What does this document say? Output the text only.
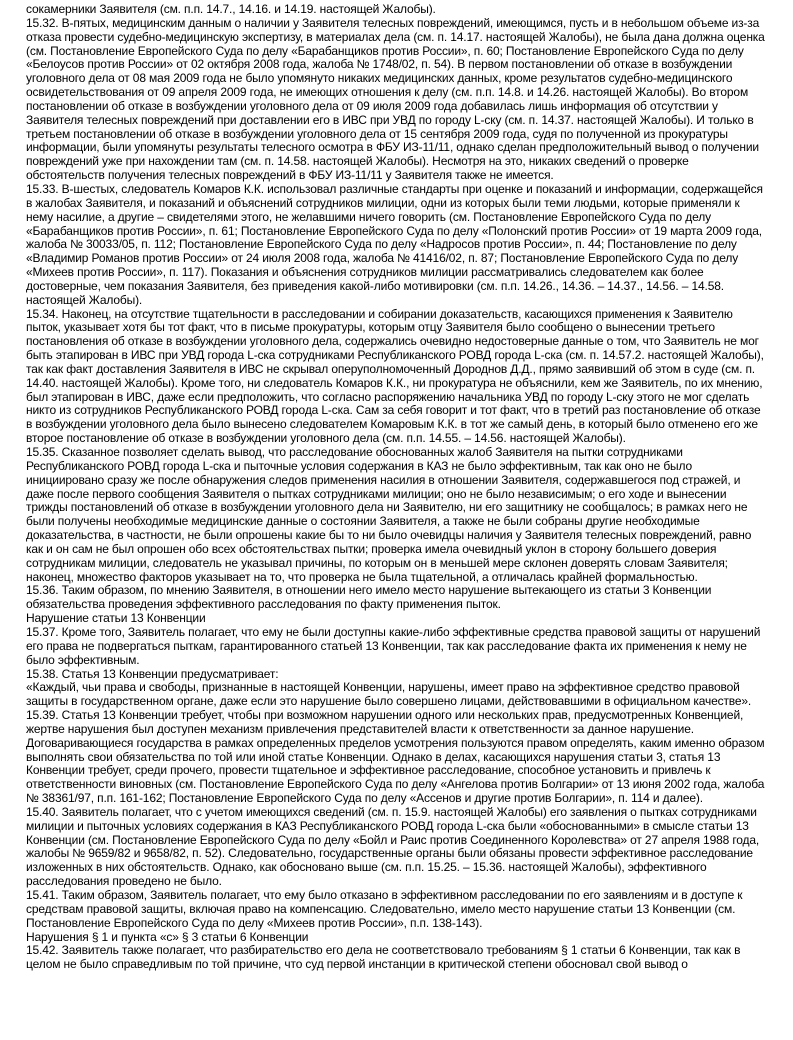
сокамерники Заявителя (см. п.п. 14.7., 14.16. и 14.19. настоящей Жалобы).

15.32. В-пятых, медицинским данным о наличии у Заявителя телесных повреждений, имеющимся, пусть и в небольшом объеме из-за отказа провести судебно-медицинскую экспертизу, в материалах дела (см. п. 14.17. настоящей Жалобы), не была дана должна оценка (см. Постановление Европейского Суда по делу «Барабанщиков против России», п. 60; Постановление Европейского Суда по делу «Белоусов против России» от 02 октября 2008 года, жалоба № 1748/02, п. 54). В первом постановлении об отказе в возбуждении уголовного дела от 08 мая 2009 года не было упомянуто никаких медицинских данных, кроме результатов судебно-медицинского освидетельствования от 09 апреля 2009 года, не имеющих отношения к делу (см. п.п. 14.8. и 14.26. настоящей Жалобы). Во втором постановлении об отказе в возбуждении уголовного дела от 09 июля 2009 года добавилась лишь информация об отсутствии у Заявителя телесных повреждений при доставлении его в ИВС при УВД по городу L-ску (см. п. 14.37. настоящей Жалобы). И только в третьем постановлении об отказе в возбуждении уголовного дела от 15 сентября 2009 года, судя по полученной из прокуратуры информации, были упомянуты результаты телесного осмотра в ФБУ ИЗ-11/11, однако сделан предположительный вывод о получении повреждений уже при нахождении там (см. п. 14.58. настоящей Жалобы). Несмотря на это, никаких сведений о проверке обстоятельств получения телесных повреждений в ФБУ ИЗ-11/11 у Заявителя также не имеется.

15.33. В-шестых, следователь Комаров К.К. использовал различные стандарты при оценке и показаний и информации, содержащейся в жалобах Заявителя, и показаний и объяснений сотрудников милиции, одни из которых были теми людьми, которые применяли к нему насилие, а другие – свидетелями этого, не желавшими ничего говорить (см. Постановление Европейского Суда по делу «Барабанщиков против России», п. 61; Постановление Европейского Суда по делу «Полонский против России» от 19 марта 2009 года, жалоба № 30033/05, п. 112; Постановление Европейского Суда по делу «Надросов против России», п. 44; Постановление по делу «Владимир Романов против России» от 24 июля 2008 года, жалоба № 41416/02, п. 87; Постановление Европейского Суда по делу «Михеев против России», п. 117). Показания и объяснения сотрудников милиции рассматривались следователем как более достоверные, чем показания Заявителя, без приведения какой-либо мотивировки (см. п.п. 14.26., 14.36. – 14.37., 14.56. – 14.58. настоящей Жалобы).

15.34. Наконец, на отсутствие тщательности в расследовании и собирании доказательств, касающихся применения к Заявителю пыток, указывает хотя бы тот факт, что в письме прокуратуры, которым отцу Заявителя было сообщено о вынесении третьего постановления об отказе в возбуждении уголовного дела, содержались очевидно недостоверные данные о том, что Заявитель не мог быть этапирован в ИВС при УВД города L-ска сотрудниками Республиканского РОВД города L-ска (см. п. 14.57.2. настоящей Жалобы), так как факт доставления Заявителя в ИВС не скрывал оперуполномоченный Дороднов Д.Д., прямо заявивший об этом в суде (см. п. 14.40. настоящей Жалобы). Кроме того, ни следователь Комаров К.К., ни прокуратура не объяснили, кем же Заявитель, по их мнению, был этапирован в ИВС, даже если предположить, что согласно распоряжению начальника УВД по городу L-ску этого не мог сделать никто из сотрудников Республиканского РОВД города L-ска. Сам за себя говорит и тот факт, что в третий раз постановление об отказе в возбуждении уголовного дела было вынесено следователем Комаровым К.К. в тот же самый день, в который было отменено его же второе постановление об отказе в возбуждении уголовного дела (см. п.п. 14.55. – 14.56. настоящей Жалобы).

15.35. Сказанное позволяет сделать вывод, что расследование обоснованных жалоб Заявителя на пытки сотрудниками Республиканского РОВД города L-ска и пыточные условия содержания в КАЗ не было эффективным, так как оно не было инициировано сразу же после обнаружения следов применения насилия в отношении Заявителя, содержавшегося под стражей, и даже после первого сообщения Заявителя о пытках сотрудниками милиции; оно не было независимым; о его ходе и вынесении трижды постановлений об отказе в возбуждении уголовного дела ни Заявителю, ни его защитнику не сообщалось; в рамках него не были получены необходимые медицинские данные о состоянии Заявителя, а также не были собраны другие необходимые доказательства, в частности, не были опрошены какие бы то ни было очевидцы наличия у Заявителя телесных повреждений, равно как и он сам не был опрошен обо всех обстоятельствах пытки; проверка имела очевидный уклон в сторону большего доверия сотрудникам милиции, следователь не указывал причины, по которым он в меньшей мере склонен доверять словам Заявителя; наконец, множество факторов указывает на то, что проверка не была тщательной, а отличалась крайней формальностью.

15.36. Таким образом, по мнению Заявителя, в отношении него имело место нарушение вытекающего из статьи 3 Конвенции обязательства проведения эффективного расследования по факту применения пыток.

Нарушение статьи 13 Конвенции

15.37. Кроме того, Заявитель полагает, что ему не были доступны какие-либо эффективные средства правовой защиты от нарушений его права не подвергаться пыткам, гарантированного статьей 13 Конвенции, так как расследование факта их применения к нему не было эффективным.

15.38. Статья 13 Конвенции предусматривает:

«Каждый, чьи права и свободы, признанные в настоящей Конвенции, нарушены, имеет право на эффективное средство правовой защиты в государственном органе, даже если это нарушение было совершено лицами, действовавшими в официальном качестве».

15.39. Статья 13 Конвенции требует, чтобы при возможном нарушении одного или нескольких прав, предусмотренных Конвенцией, жертве нарушения был доступен механизм привлечения представителей власти к ответственности за данное нарушение. Договаривающиеся государства в рамках определенных пределов усмотрения пользуются правом определять, каким именно образом выполнять свои обязательства по той или иной статье Конвенции. Однако в делах, касающихся нарушения статьи 3, статья 13 Конвенции требует, среди прочего, провести тщательное и эффективное расследование, способное установить и привлечь к ответственности виновных (см. Постановление Европейского Суда по делу «Ангелова против Болгарии» от 13 июня 2002 года, жалоба № 38361/97, п.п. 161-162; Постановление Европейского Суда по делу «Ассенов и другие против Болгарии», п. 114 и далее).

15.40. Заявитель полагает, что с учетом имеющихся сведений (см. п. 15.9. настоящей Жалобы) его заявления о пытках сотрудниками милиции и пыточных условиях содержания в КАЗ Республиканского РОВД города L-ска были «обоснованными» в смысле статьи 13 Конвенции (см. Постановление Европейского Суда по делу «Бойл и Раис против Соединенного Королевства» от 27 апреля 1988 года, жалобы № 9659/82 и 9658/82, п. 52). Следовательно, государственные органы были обязаны провести эффективное расследование изложенных в них обстоятельств. Однако, как обосновано выше (см. п.п. 15.25. – 15.36. настоящей Жалобы), эффективного расследования проведено не было.

15.41. Таким образом, Заявитель полагает, что ему было отказано в эффективном расследовании по его заявлениям и в доступе к средствам правовой защиты, включая право на компенсацию. Следовательно, имело место нарушение статьи 13 Конвенции (см. Постановление Европейского Суда по делу «Михеев против России», п.п. 138-143).

Нарушения § 1 и пункта «с» § 3 статьи 6 Конвенции

15.42. Заявитель также полагает, что разбирательство его дела не соответствовало требованиям § 1 статьи 6 Конвенции, так как в целом не было справедливым по той причине, что суд первой инстанции в критической степени обосновал свой вывод о
